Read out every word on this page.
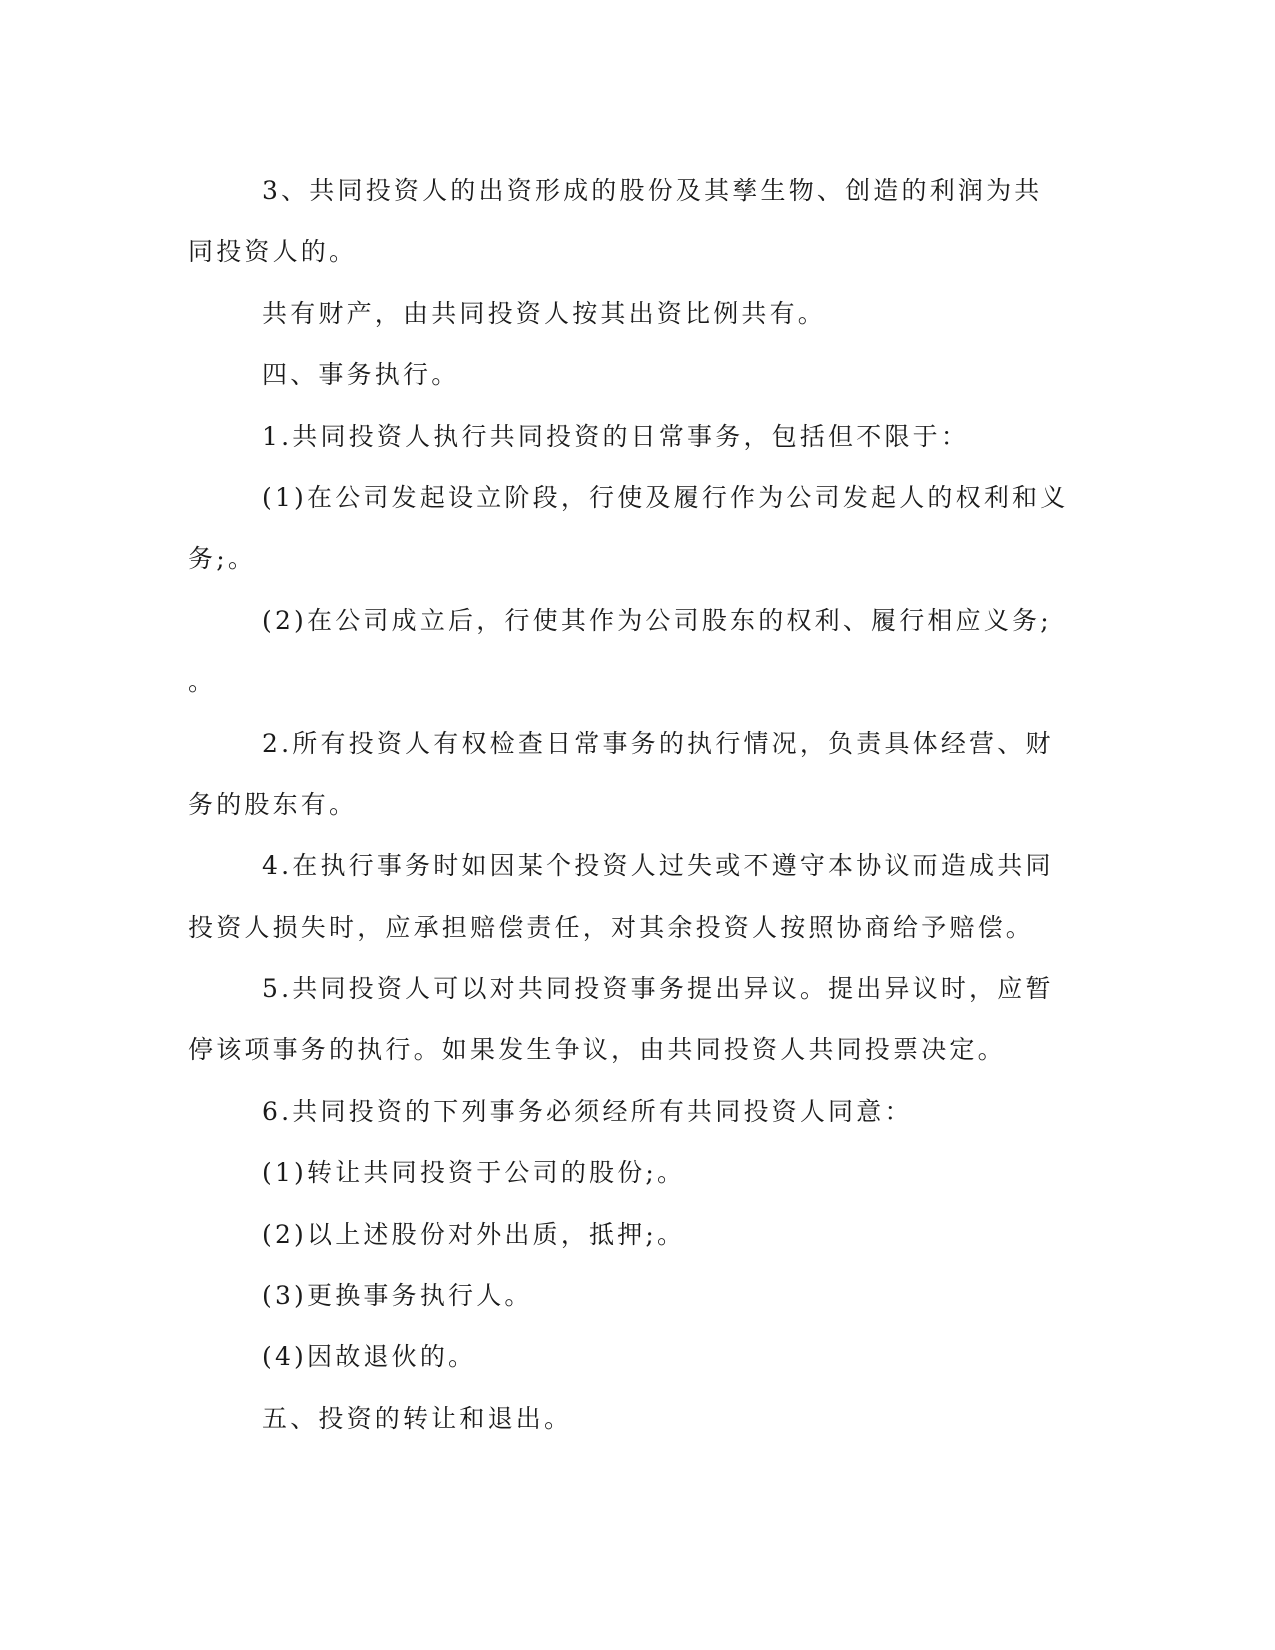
3、共同投资人的出资形成的股份及其孳生物、创造的利润为共
同投资人的。
共有财产，由共同投资人按其出资比例共有。
四、事务执行。
1.共同投资人执行共同投资的日常事务，包括但不限于：
(1)在公司发起设立阶段，行使及履行作为公司发起人的权利和义
务;。
(2)在公司成立后，行使其作为公司股东的权利、履行相应义务;
。
2.所有投资人有权检查日常事务的执行情况，负责具体经营、财
务的股东有。
4.在执行事务时如因某个投资人过失或不遵守本协议而造成共同
投资人损失时，应承担赔偿责任，对其余投资人按照协商给予赔偿。
5.共同投资人可以对共同投资事务提出异议。提出异议时，应暂
停该项事务的执行。如果发生争议，由共同投资人共同投票决定。
6.共同投资的下列事务必须经所有共同投资人同意：
(1)转让共同投资于公司的股份;。
(2)以上述股份对外出质，抵押;。
(3)更换事务执行人。
(4)因故退伙的。
五、投资的转让和退出。
